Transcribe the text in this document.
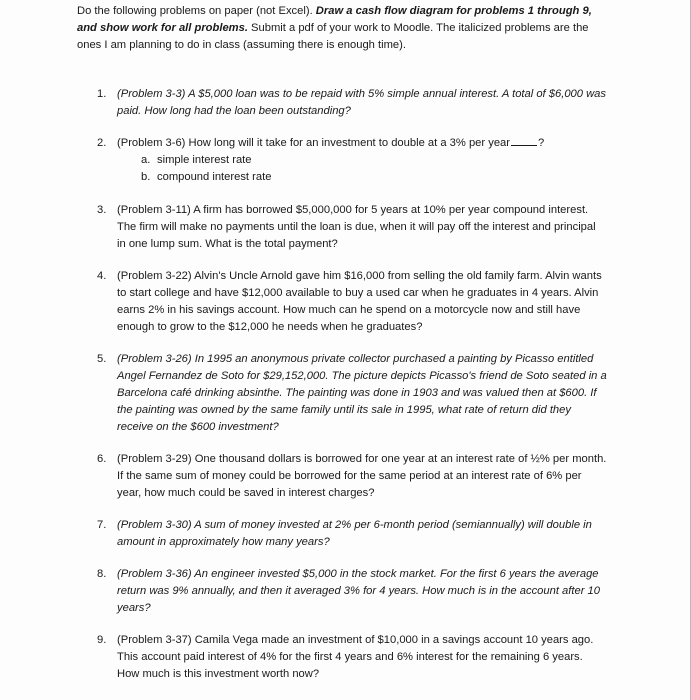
Do the following problems on paper (not Excel). Draw a cash flow diagram for problems 1 through 9, and show work for all problems. Submit a pdf of your work to Moodle. The italicized problems are the ones I am planning to do in class (assuming there is enough time).

1. (Problem 3-3) A $5,000 loan was to be repaid with 5% simple annual interest. A total of $6,000 was paid. How long had the loan been outstanding?
2. (Problem 3-6) How long will it take for an investment to double at a 3% per year	?
a. simple interest rate
b. compound interest rate
3. (Problem 3-11) A firm has borrowed $5,000,000 for 5 years at 10% per year compound interest. The firm will make no payments until the loan is due, when it will pay off the interest and principal in one lump sum. What is the total payment?
4. (Problem 3-22) Alvin's Uncle Arnold gave him $16,000 from selling the old family farm. Alvin wants to start college and have $12,000 available to buy a used car when he graduates in 4 years. Alvin earns 2% in his savings account. How much can he spend on a motorcycle now and still have enough to grow to the $12,000 he needs when he graduates?
5. (Problem 3-26) In 1995 an anonymous private collector purchased a painting by Picasso entitled Angel Fernandez de Soto for $29,152,000. The picture depicts Picasso's friend de Soto seated in a Barcelona café drinking absinthe. The painting was done in 1903 and was valued then at $600. If the painting was owned by the same family until its sale in 1995, what rate of return did they receive on the $600 investment?
6. (Problem 3-29) One thousand dollars is borrowed for one year at an interest rate of ½% per month. If the same sum of money could be borrowed for the same period at an interest rate of 6% per year, how much could be saved in interest charges?
7. (Problem 3-30) A sum of money invested at 2% per 6-month period (semiannually) will double in amount in approximately how many years?
8. (Problem 3-36) An engineer invested $5,000 in the stock market. For the first 6 years the average return was 9% annually, and then it averaged 3% for 4 years. How much is in the account after 10 years?
9. (Problem 3-37) Camila Vega made an investment of $10,000 in a savings account 10 years ago. This account paid interest of 4% for the first 4 years and 6% interest for the remaining 6 years. How much is this investment worth now?
